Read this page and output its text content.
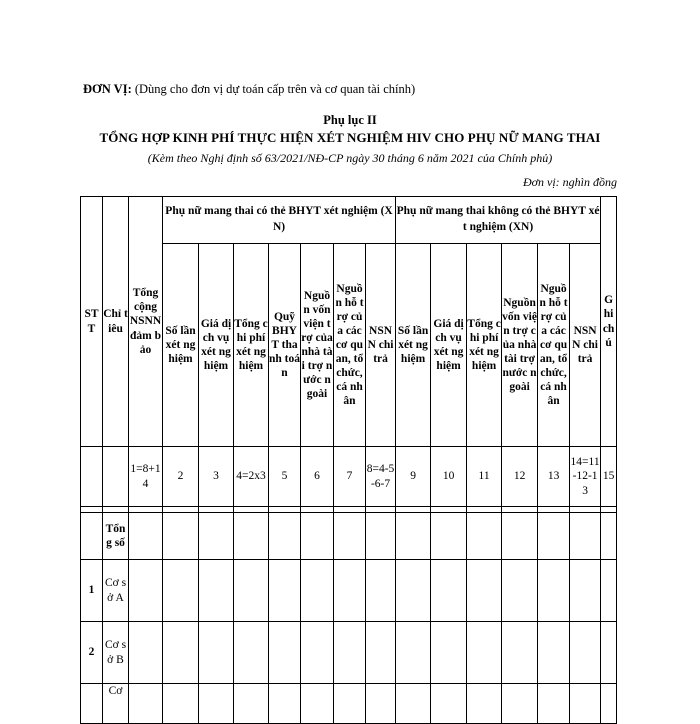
ĐƠN VỊ: (Dùng cho đơn vị dự toán cấp trên và cơ quan tài chính)
Phụ lục II
TỔNG HỢP KINH PHÍ THỰC HIỆN XÉT NGHIỆM HIV CHO PHỤ NỮ MANG THAI
(Kèm theo Nghị định số 63/2021/NĐ-CP ngày 30 tháng 6 năm 2021 của Chính phủ)
Đơn vị: nghìn đồng
STT	Chỉ tiêu	Tổng cộng NSNN đảm bảo	Phụ nữ mang thai có thẻ BHYT xét nghiệm (XN)							Phụ nữ mang thai không có thẻ BHYT xét nghiệm (XN)						Ghi chú
			Số lần xét nghiệm	Giá dịch vụ xét nghiệm	Tổng chi phí xét nghiệm	Quỹ BHYT thanh toán	Nguồn vốn viện trợ của nhà tài trợ nước ngoài	Nguồn hỗ trợ của các cơ quan, tổ chức, cá nhân	NSNN chi trả	Số lần xét nghiệm	Giá dịch vụ xét nghiệm	Tổng chi phí xét nghiệm	Nguồn vốn viện trợ của nhà tài trợ nước ngoài	Nguồn hỗ trợ của các cơ quan, tổ chức, cá nhân	NSNN chi trả	
		1=8+14	2	3	4=2x3	5	6	7	8=4-5-6-7	9	10	11	12	13	14=11-12-13	15

	Tổng số															
1	Cơ sở A															
2	Cơ sở B															
	Cơ															
